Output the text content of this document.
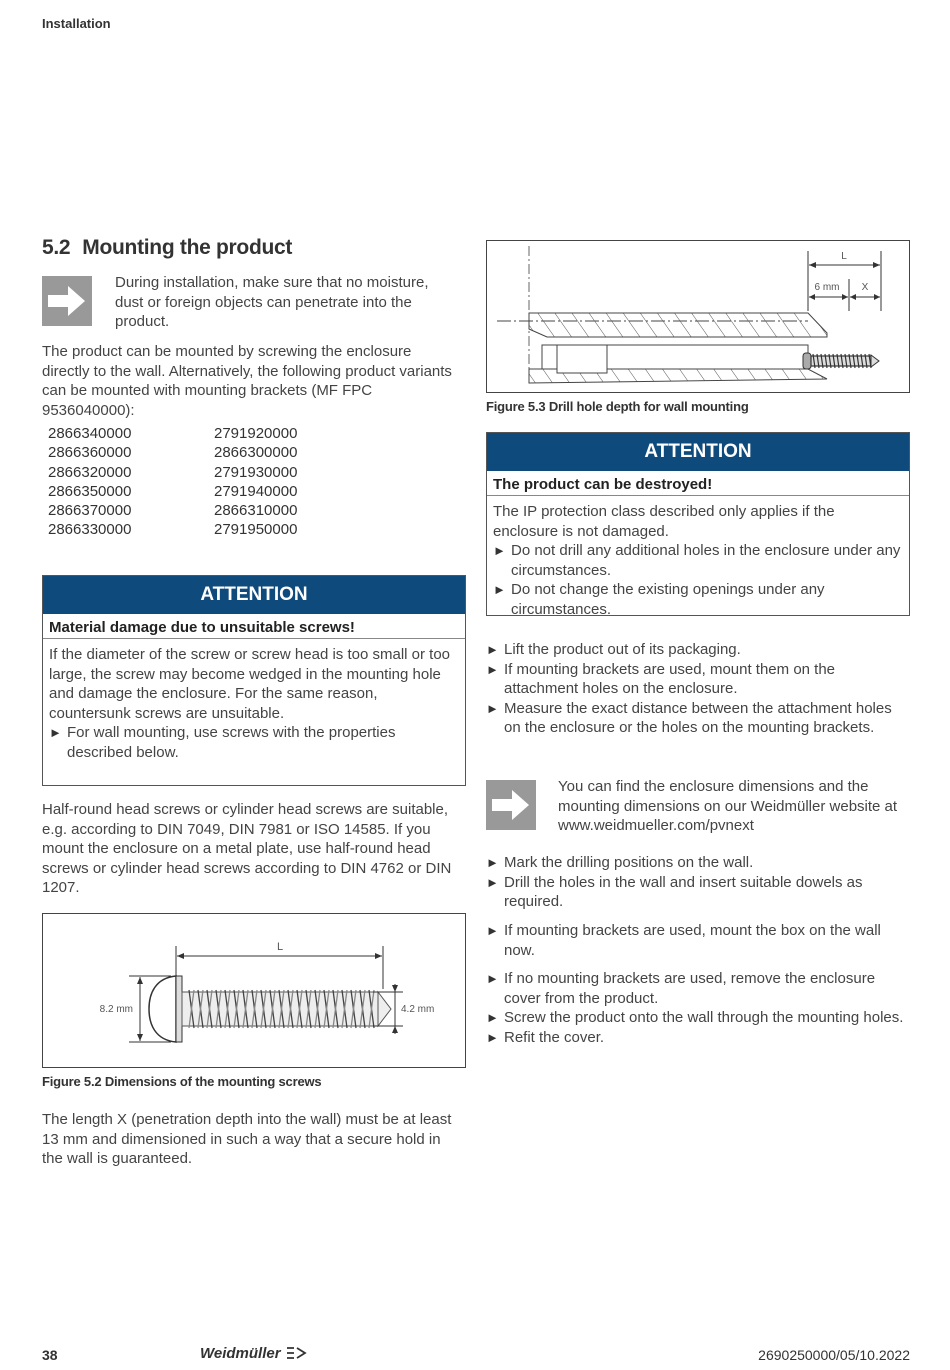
Installation
5.2 Mounting the product
During installation, make sure that no moisture, dust or foreign objects can penetrate into the product.
The product can be mounted by screwing the enclosure directly to the wall. Alternatively, the following product variants can be mounted with mounting brackets (MF FPC 9536040000):
2866340000	2791920000
2866360000	2866300000
2866320000	2791930000
2866350000	2791940000
2866370000	2866310000
2866330000	2791950000
ATTENTION
Material damage due to unsuitable screws!
If the diameter of the screw or screw head is too small or too large, the screw may become wedged in the mounting hole and damage the enclosure. For the same reason, countersunk screws are unsuitable.
► For wall mounting, use screws with the properties described below.
Half-round head screws or cylinder head screws are suitable, e.g. according to DIN 7049, DIN 7981 or ISO 14585. If you mount the enclosure on a metal plate, use half-round head screws or cylinder head screws according to DIN 4762 or DIN 1207.
L
8.2 mm	4.2 mm
Figure 5.2 Dimensions of the mounting screws
The length X (penetration depth into the wall) must be at least 13 mm and dimensioned in such a way that a secure hold in the wall is guaranteed.
L
6 mm X
Figure 5.3 Drill hole depth for wall mounting
ATTENTION
The product can be destroyed!
The IP protection class described only applies if the enclosure is not damaged.
► Do not drill any additional holes in the enclosure under any circumstances.
► Do not change the existing openings under any circumstances.
► Lift the product out of its packaging.
► If mounting brackets are used, mount them on the attachment holes on the enclosure.
► Measure the exact distance between the attachment holes on the enclosure or the holes on the mounting brackets.
You can find the enclosure dimensions and the mounting dimensions on our Weidmüller website at www.weidmueller.com/pvnext
► Mark the drilling positions on the wall.
► Drill the holes in the wall and insert suitable dowels as required.
► If mounting brackets are used, mount the box on the wall now.
► If no mounting brackets are used, remove the enclosure cover from the product.
► Screw the product onto the wall through the mounting holes.
► Refit the cover.
38	Weidmüller	2690250000/05/10.2022
